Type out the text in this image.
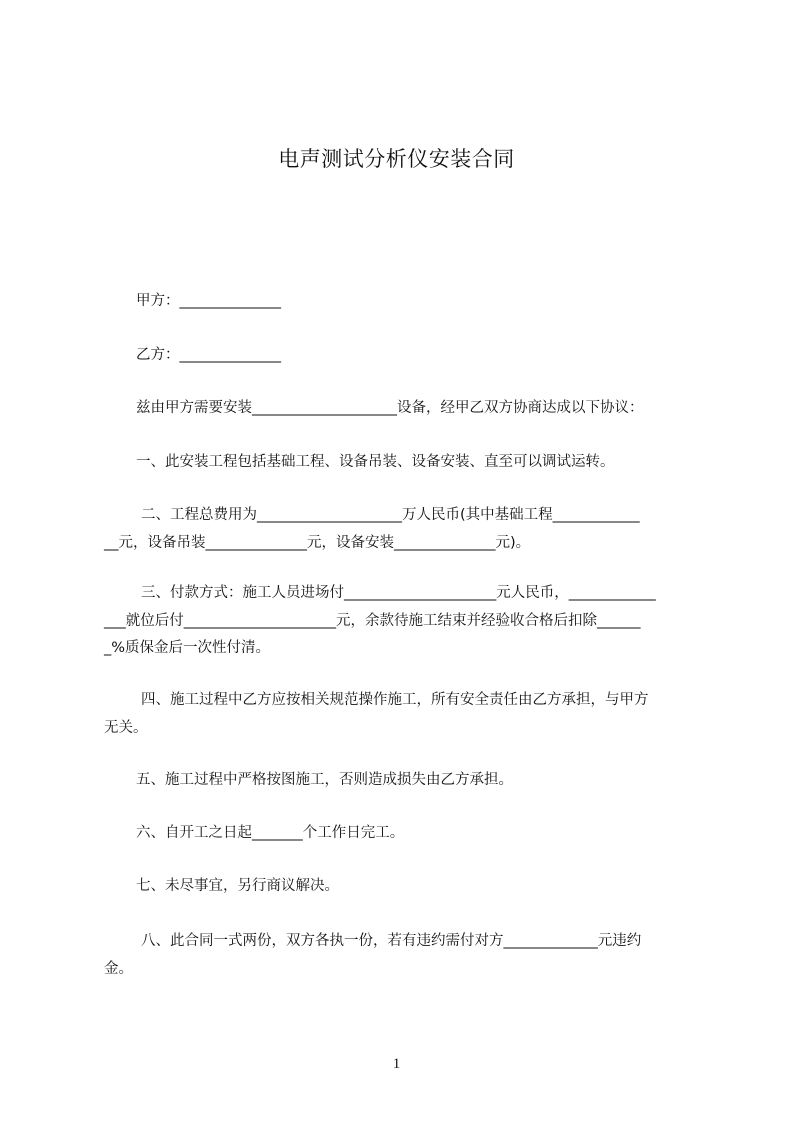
电声测试分析仪安装合同
甲方：______________
乙方：______________
兹由甲方需要安装____________________设备，经甲乙双方协商达成以下协议：
一、此安装工程包括基础工程、设备吊装、设备安装、直至可以调试运转。
二、工程总费用为____________________万人民币(其中基础工程____________
__元，设备吊装______________元，设备安装______________元)。
三、付款方式：施工人员进场付_____________________元人民币，____________
___就位后付_____________________元，余款待施工结束并经验收合格后扣除______
_%质保金后一次性付清。
四、施工过程中乙方应按相关规范操作施工，所有安全责任由乙方承担，与甲方
无关。
五、施工过程中严格按图施工，否则造成损失由乙方承担。
六、自开工之日起_______个工作日完工。
七、未尽事宜，另行商议解决。
八、此合同一式两份，双方各执一份，若有违约需付对方_____________元违约
金。
1
